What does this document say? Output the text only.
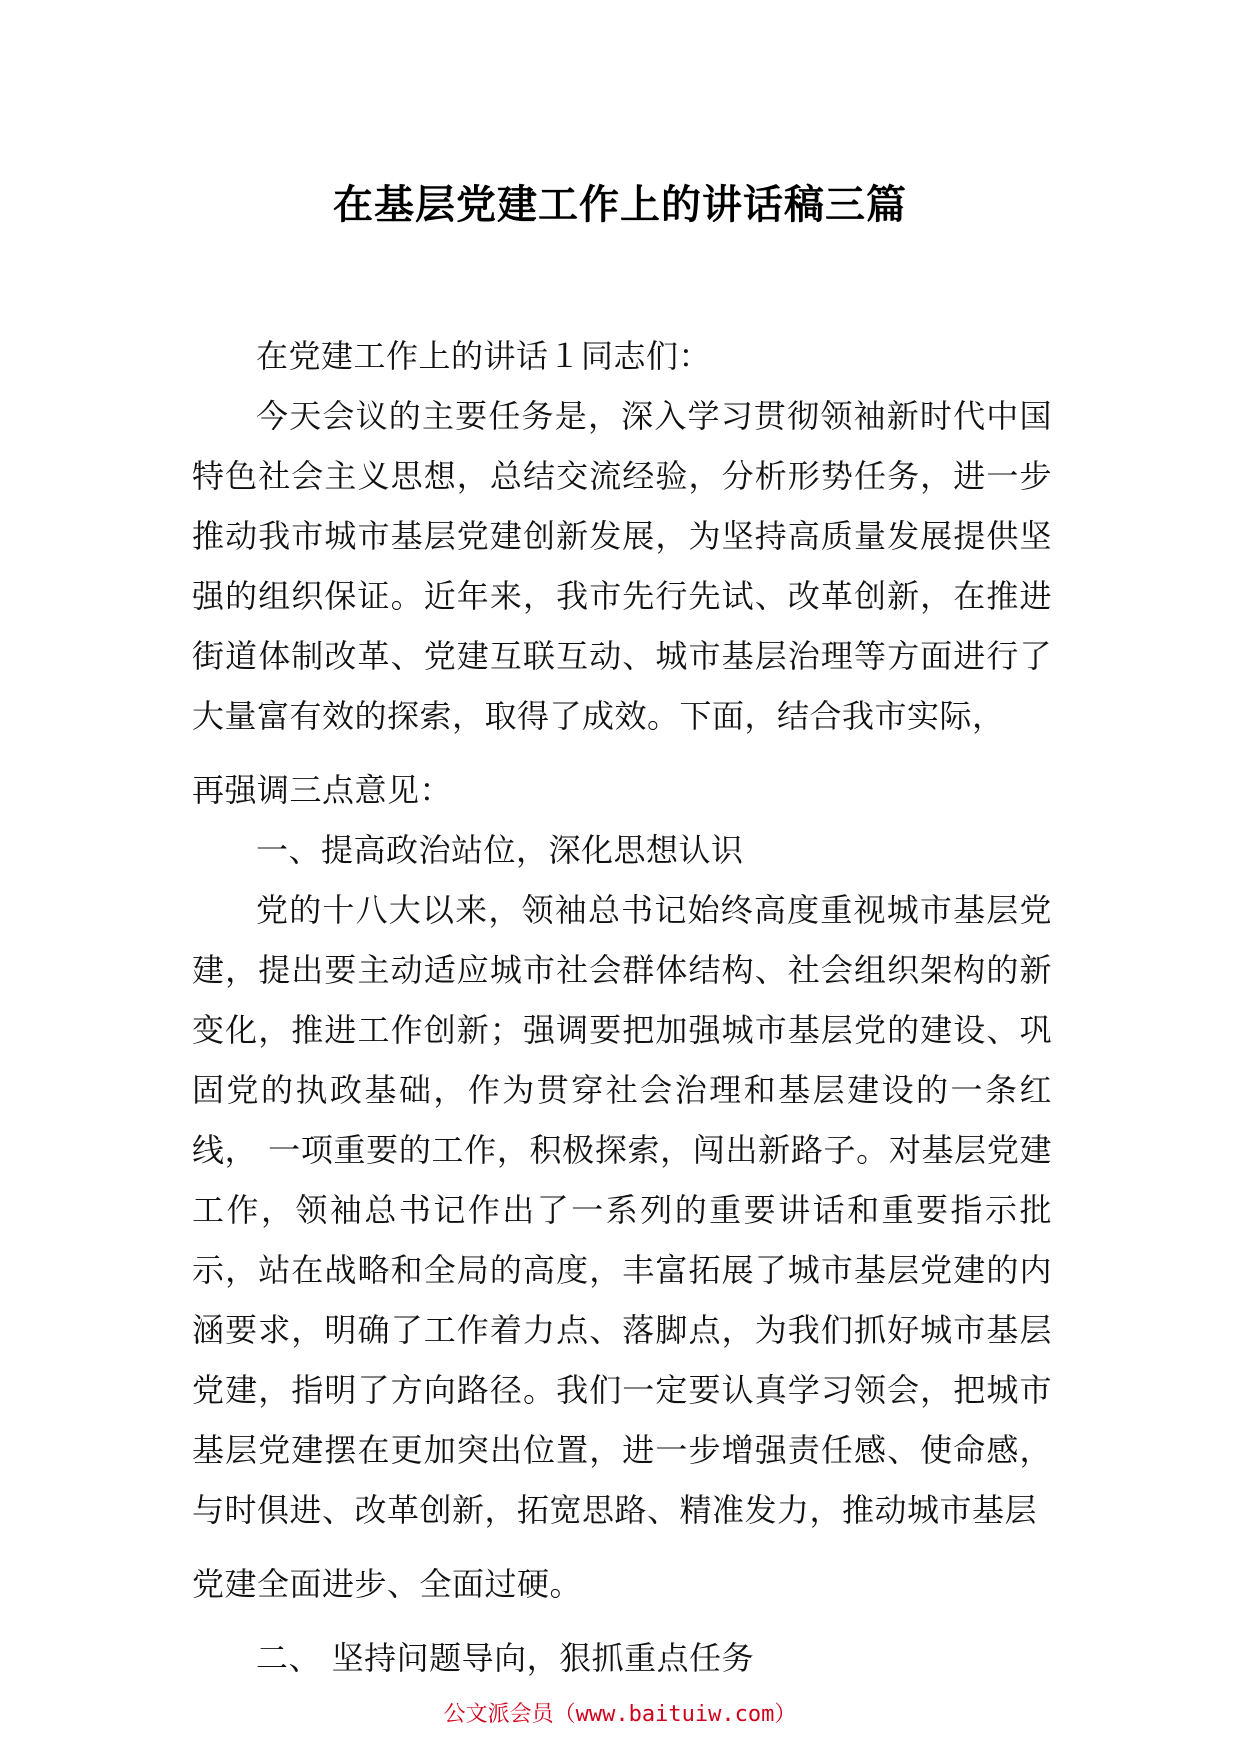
在基层党建工作上的讲话稿三篇

在党建工作上的讲话１同志们：

今天会议的主要任务是，深入学习贯彻领袖新时代中国特色社会主义思想，总结交流经验，分析形势任务，进一步推动我市城市基层党建创新发展，为坚持高质量发展提供坚强的组织保证。近年来，我市先行先试、改革创新，在推进街道体制改革、党建互联互动、城市基层治理等方面进行了大量富有效的探索，取得了成效。下面，结合我市实际，

再强调三点意见：

一、提高政治站位，深化思想认识

党的十八大以来，领袖总书记始终高度重视城市基层党建，提出要主动适应城市社会群体结构、社会组织架构的新变化，推进工作创新；强调要把加强城市基层党的建设、巩固党的执政基础，作为贯穿社会治理和基层建设的一条红线， 一项重要的工作，积极探索，闯出新路子。对基层党建工作，领袖总书记作出了一系列的重要讲话和重要指示批示，站在战略和全局的高度，丰富拓展了城市基层党建的内涵要求，明确了工作着力点、落脚点，为我们抓好城市基层党建，指明了方向路径。我们一定要认真学习领会，把城市基层党建摆在更加突出位置，进一步增强责任感、使命感，与时俱进、改革创新，拓宽思路、精准发力，推动城市基层

党建全面进步、全面过硬。

二、 坚持问题导向，狠抓重点任务

公文派会员（www.baituiw.com）
